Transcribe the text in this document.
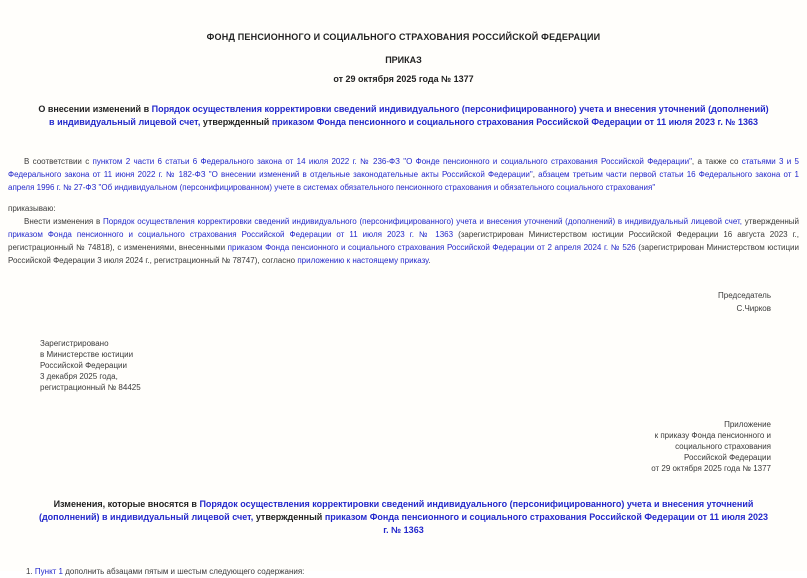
ФОНД ПЕНСИОННОГО И СОЦИАЛЬНОГО СТРАХОВАНИЯ РОССИЙСКОЙ ФЕДЕРАЦИИ
ПРИКАЗ
от 29 октября 2025 года № 1377
О внесении изменений в Порядок осуществления корректировки сведений индивидуального (персонифицированного) учета и внесения уточнений (дополнений) в индивидуальный лицевой счет, утвержденный приказом Фонда пенсионного и социального страхования Российской Федерации от 11 июля 2023 г. № 1363

В соответствии с пунктом 2 части 6 статьи 6 Федерального закона от 14 июля 2022 г. № 236-ФЗ "О Фонде пенсионного и социального страхования Российской Федерации", а также со статьями 3 и 5 Федерального закона от 11 июня 2022 г. № 182-ФЗ "О внесении изменений в отдельные законодательные акты Российской Федерации", абзацем третьим части первой статьи 16 Федерального закона от 1 апреля 1996 г. № 27-ФЗ "Об индивидуальном (персонифицированном) учете в системах обязательного пенсионного страхования и обязательного социального страхования"

приказываю:

Внести изменения в Порядок осуществления корректировки сведений индивидуального (персонифицированного) учета и внесения уточнений (дополнений) в индивидуальный лицевой счет, утвержденный приказом Фонда пенсионного и социального страхования Российской Федерации от 11 июля 2023 г. № 1363 (зарегистрирован Министерством юстиции Российской Федерации 16 августа 2023 г., регистрационный № 74818), с изменениями, внесенными приказом Фонда пенсионного и социального страхования Российской Федерации от 2 апреля 2024 г. № 526 (зарегистрирован Министерством юстиции Российской Федерации 3 июля 2024 г., регистрационный № 78747), согласно приложению к настоящему приказу.

Председатель
С.Чирков
Зарегистрировано
в Министерстве юстиции
Российской Федерации
3 декабря 2025 года,
регистрационный № 84425
Приложение
к приказу Фонда пенсионного и
социального страхования
Российской Федерации
от 29 октября 2025 года № 1377
Изменения, которые вносятся в Порядок осуществления корректировки сведений индивидуального (персонифицированного) учета и внесения уточнений (дополнений) в индивидуальный лицевой счет, утвержденный приказом Фонда пенсионного и социального страхования Российской Федерации от 11 июля 2023 г. № 1363

1. Пункт 1 дополнить абзацами пятым и шестым следующего содержания:
